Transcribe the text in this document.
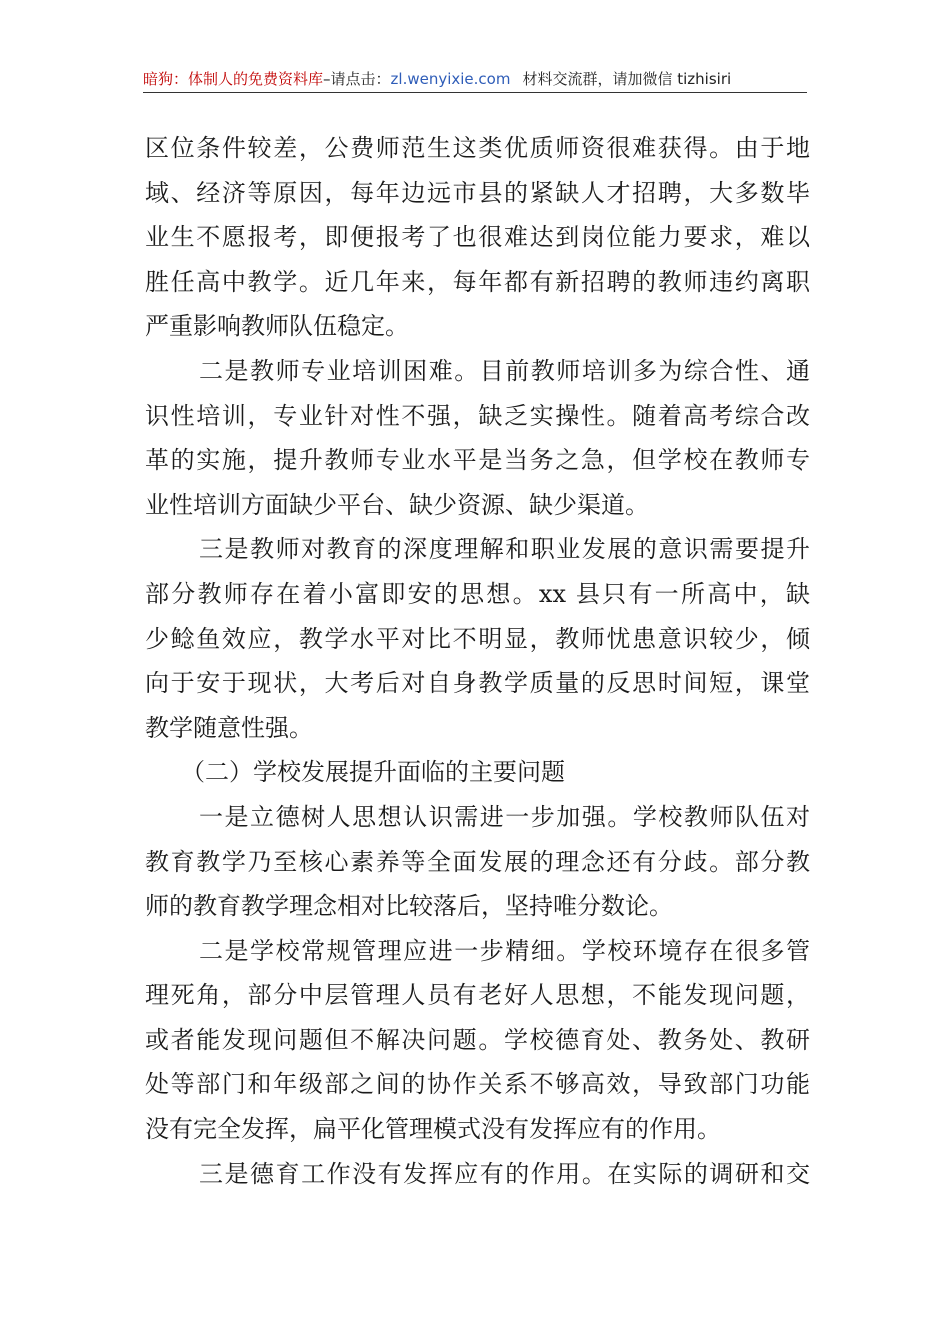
暗狗：体制人的免费资料库–请点击：zl.wenyixie.com 材料交流群，请加微信 tizhisiri
区位条件较差，公费师范生这类优质师资很难获得。由于地
域、经济等原因，每年边远市县的紧缺人才招聘，大多数毕
业生不愿报考，即便报考了也很难达到岗位能力要求，难以
胜任高中教学。近几年来，每年都有新招聘的教师违约离职
严重影响教师队伍稳定。
二是教师专业培训困难。目前教师培训多为综合性、通
识性培训，专业针对性不强，缺乏实操性。随着高考综合改
革的实施，提升教师专业水平是当务之急，但学校在教师专
业性培训方面缺少平台、缺少资源、缺少渠道。
三是教师对教育的深度理解和职业发展的意识需要提升
部分教师存在着小富即安的思想。xx 县只有一所高中，缺
少鲶鱼效应，教学水平对比不明显，教师忧患意识较少，倾
向于安于现状，大考后对自身教学质量的反思时间短，课堂
教学随意性强。
（二）学校发展提升面临的主要问题
一是立德树人思想认识需进一步加强。学校教师队伍对
教育教学乃至核心素养等全面发展的理念还有分歧。部分教
师的教育教学理念相对比较落后，坚持唯分数论。
二是学校常规管理应进一步精细。学校环境存在很多管
理死角，部分中层管理人员有老好人思想，不能发现问题，
或者能发现问题但不解决问题。学校德育处、教务处、教研
处等部门和年级部之间的协作关系不够高效，导致部门功能
没有完全发挥，扁平化管理模式没有发挥应有的作用。
三是德育工作没有发挥应有的作用。在实际的调研和交
